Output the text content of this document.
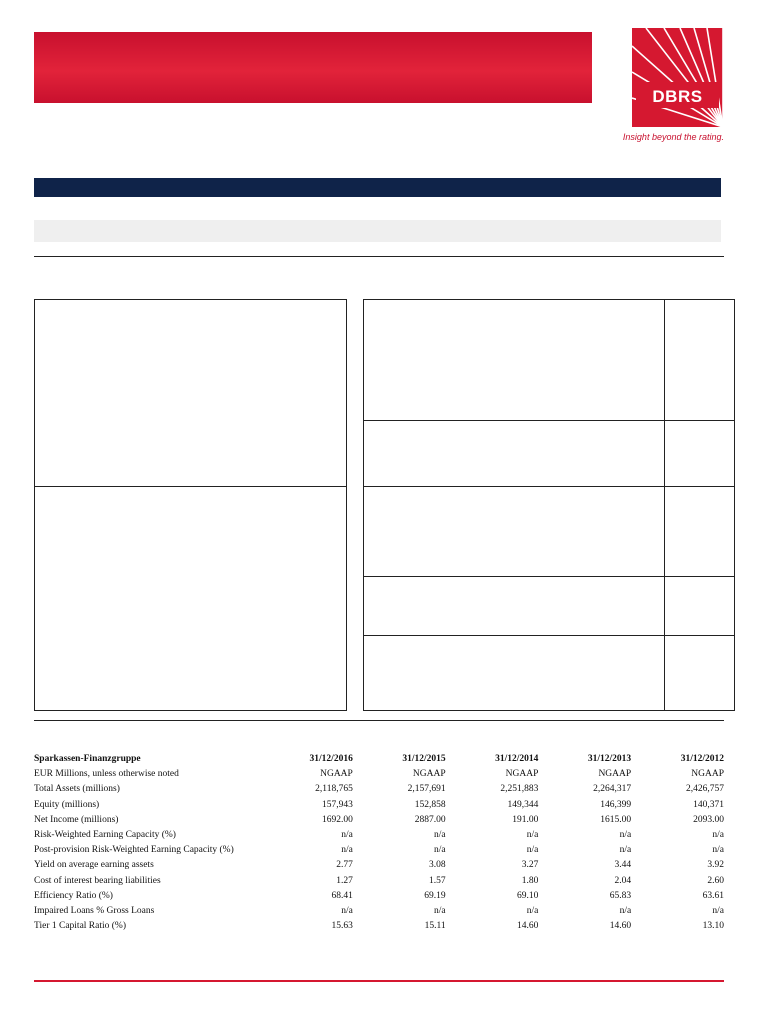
DBRS
Insight beyond the rating.
Sparkassen-Finanzgruppe	31/12/2016	31/12/2015	31/12/2014	31/12/2013	31/12/2012
EUR Millions, unless otherwise noted	NGAAP	NGAAP	NGAAP	NGAAP	NGAAP
Total Assets (millions)	2,118,765	2,157,691	2,251,883	2,264,317	2,426,757
Equity (millions)	157,943	152,858	149,344	146,399	140,371
Net Income (millions)	1692.00	2887.00	191.00	1615.00	2093.00
Risk-Weighted Earning Capacity (%)	n/a	n/a	n/a	n/a	n/a
Post-provision Risk-Weighted Earning Capacity (%)	n/a	n/a	n/a	n/a	n/a
Yield on average earning assets	2.77	3.08	3.27	3.44	3.92
Cost of interest bearing liabilities	1.27	1.57	1.80	2.04	2.60
Efficiency Ratio (%)	68.41	69.19	69.10	65.83	63.61
Impaired Loans % Gross Loans	n/a	n/a	n/a	n/a	n/a
Tier 1 Capital Ratio (%)	15.63	15.11	14.60	14.60	13.10
